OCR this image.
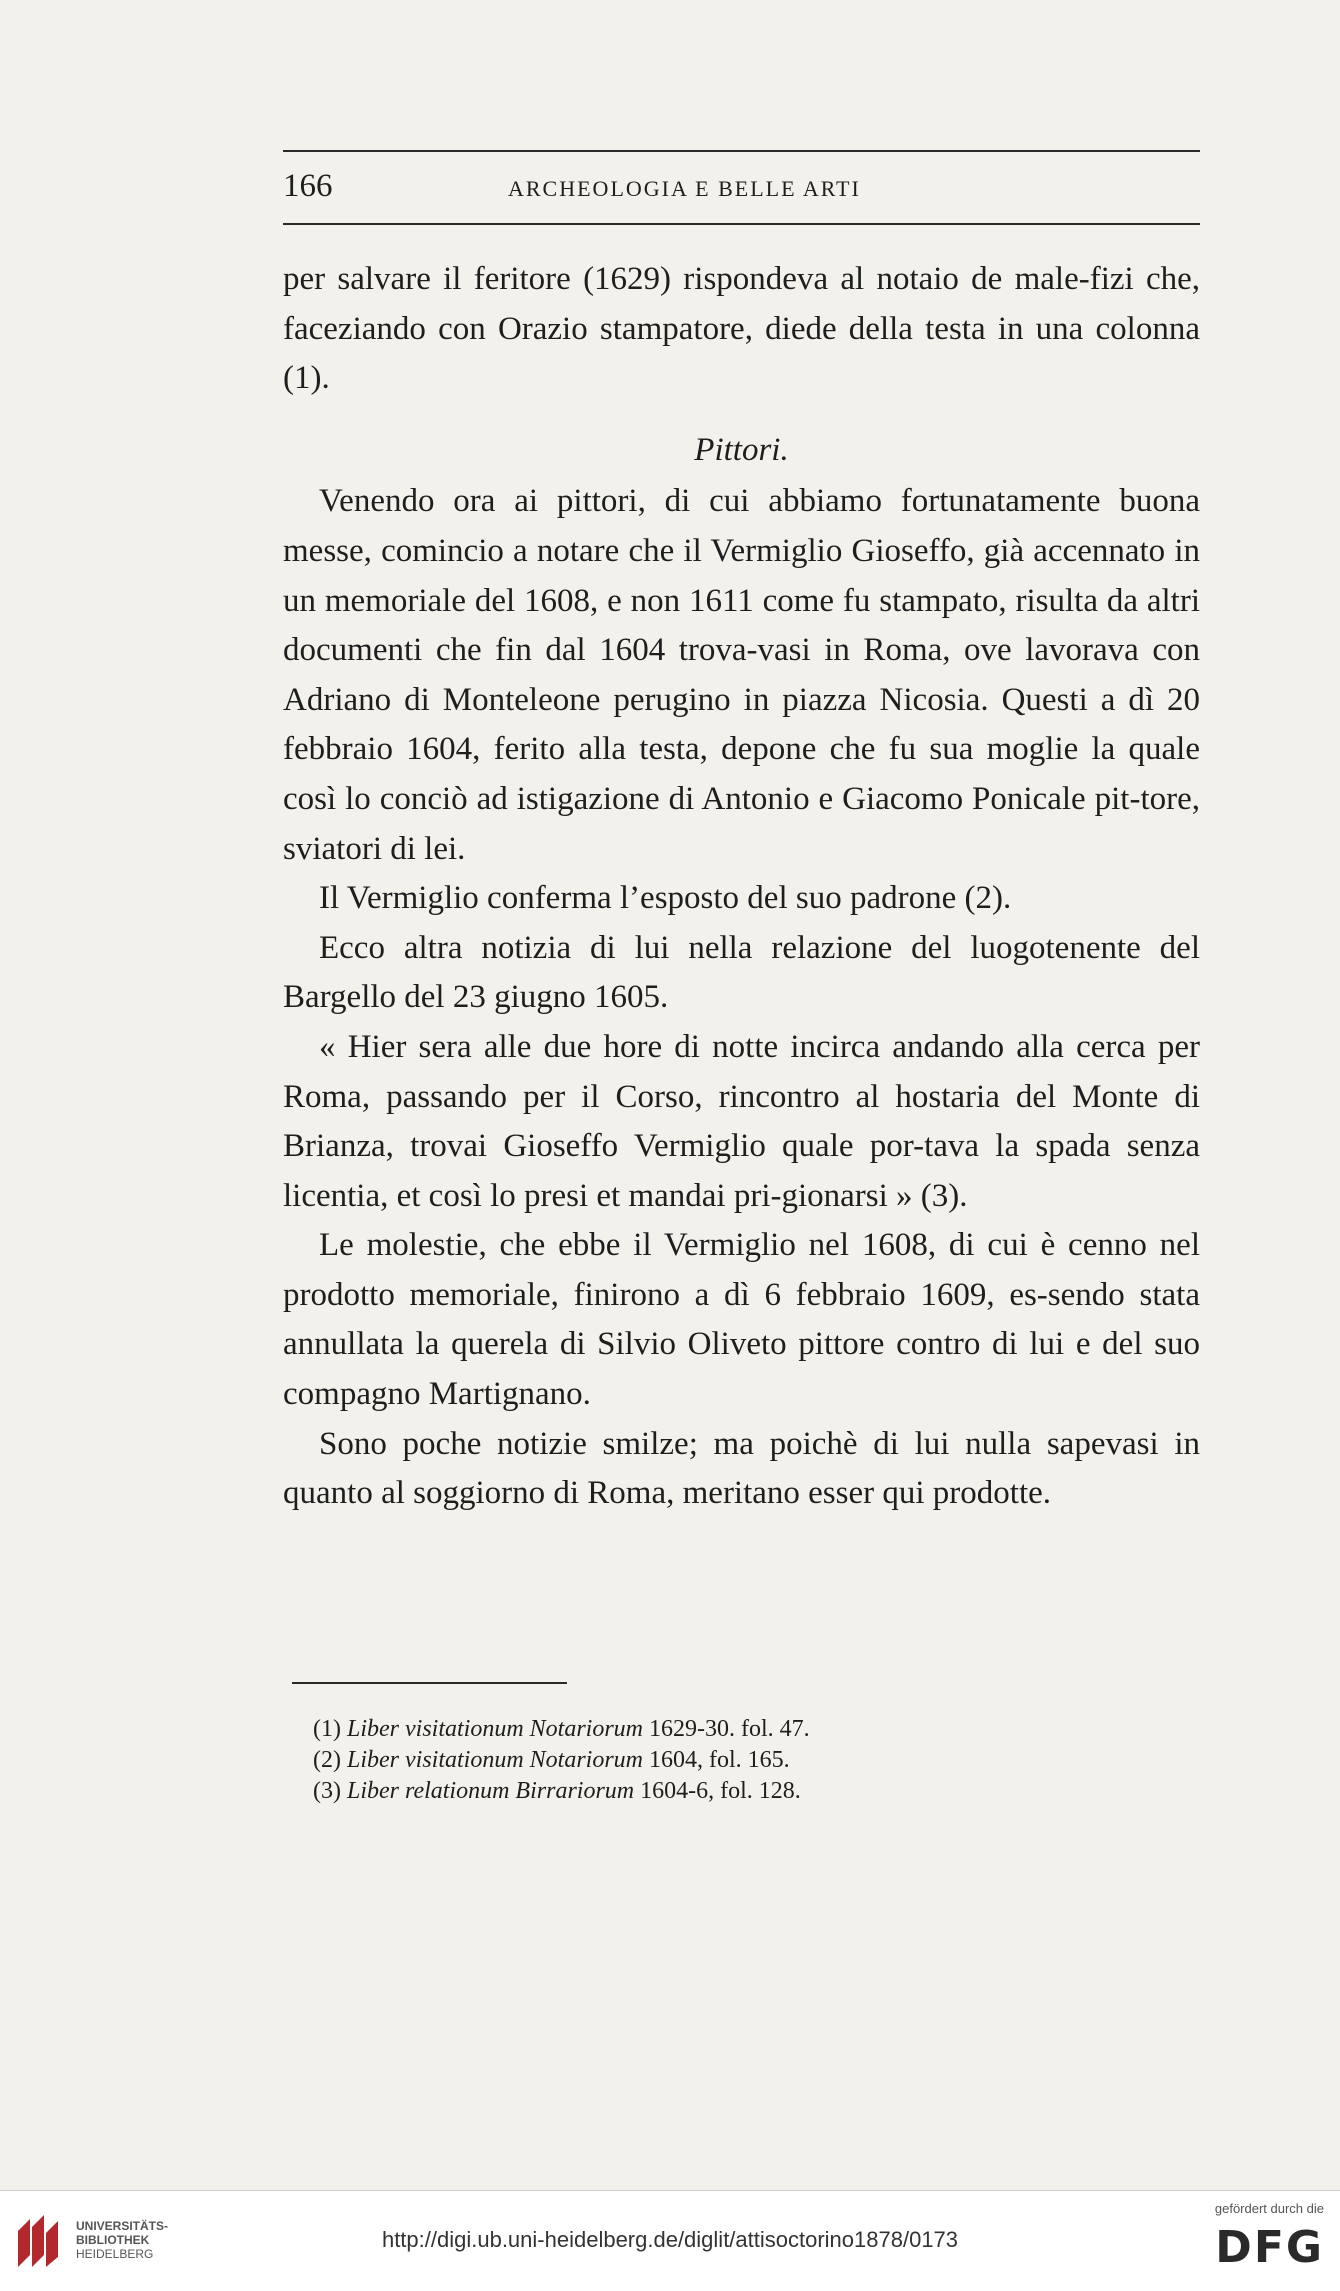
166	ARCHEOLOGIA E BELLE ARTI

per salvare il feritore (1629) rispondeva al notaio de male-fizi che, faceziando con Orazio stampatore, diede della testa in una colonna (1).

Pittori.

Venendo ora ai pittori, di cui abbiamo fortunatamente buona messe, comincio a notare che il Vermiglio Gioseffo, già accennato in un memoriale del 1608, e non 1611 come fu stampato, risulta da altri documenti che fin dal 1604 trova-vasi in Roma, ove lavorava con Adriano di Monteleone perugino in piazza Nicosia. Questi a dì 20 febbraio 1604, ferito alla testa, depone che fu sua moglie la quale così lo conciò ad istigazione di Antonio e Giacomo Ponicale pit-tore, sviatori di lei.

Il Vermiglio conferma l’esposto del suo padrone (2).

Ecco altra notizia di lui nella relazione del luogotenente del Bargello del 23 giugno 1605.

« Hier sera alle due hore di notte incirca andando alla cerca per Roma, passando per il Corso, rincontro al hostaria del Monte di Brianza, trovai Gioseffo Vermiglio quale por-tava la spada senza licentia, et così lo presi et mandai pri-gionarsi » (3).

Le molestie, che ebbe il Vermiglio nel 1608, di cui è cenno nel prodotto memoriale, finirono a dì 6 febbraio 1609, es-sendo stata annullata la querela di Silvio Oliveto pittore contro di lui e del suo compagno Martignano.

Sono poche notizie smilze; ma poichè di lui nulla sapevasi in quanto al soggiorno di Roma, meritano esser qui prodotte.

(1) Liber visitationum Notariorum 1629-30. fol. 47.

(2) Liber visitationum Notariorum 1604, fol. 165.

(3) Liber relationum Birrariorum 1604-6, fol. 128.

UNIVERSITÄTS-
BIBLIOTHEK
HEIDELBERG
http://digi.ub.uni-heidelberg.de/diglit/attisoctorino1878/0173
gefördert durch die
DFG
